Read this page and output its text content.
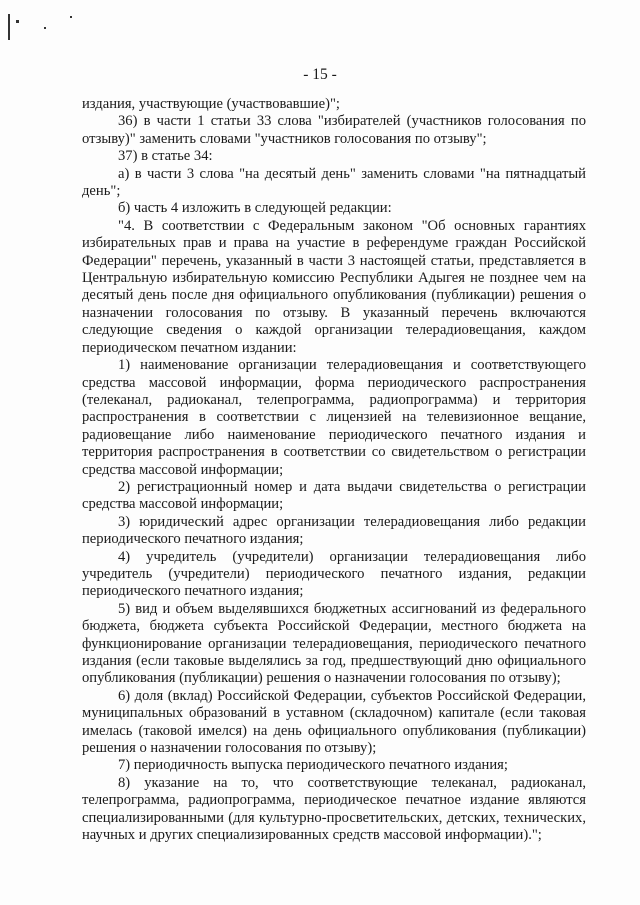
- 15 -

издания, участвующие (участвовавшие)";

36) в части 1 статьи 33 слова "избирателей (участников голосования по отзыву)" заменить словами "участников голосования по отзыву";

37) в статье 34:

а) в части 3 слова "на десятый день" заменить словами "на пятнадцатый день";

б) часть 4 изложить в следующей редакции:

"4. В соответствии с Федеральным законом "Об основных гарантиях избирательных прав и права на участие в референдуме граждан Российской Федерации" перечень, указанный в части 3 настоящей статьи, представляется в Центральную избирательную комиссию Республики Адыгея не позднее чем на десятый день после дня официального опубликования (публикации) решения о назначении голосования по отзыву. В указанный перечень включаются следующие сведения о каждой организации телерадиовещания, каждом периодическом печатном издании:

1) наименование организации телерадиовещания и соответствующего средства массовой информации, форма периодического распространения (телеканал, радиоканал, телепрограмма, радиопрограмма) и территория распространения в соответствии с лицензией на телевизионное вещание, радиовещание либо наименование периодического печатного издания и территория распространения в соответствии со свидетельством о регистрации средства массовой информации;

2) регистрационный номер и дата выдачи свидетельства о регистрации средства массовой информации;

3) юридический адрес организации телерадиовещания либо редакции периодического печатного издания;

4) учредитель (учредители) организации телерадиовещания либо учредитель (учредители) периодического печатного издания, редакции периодического печатного издания;

5) вид и объем выделявшихся бюджетных ассигнований из федерального бюджета, бюджета субъекта Российской Федерации, местного бюджета на функционирование организации телерадиовещания, периодического печатного издания (если таковые выделялись за год, предшествующий дню официального опубликования (публикации) решения о назначении голосования по отзыву);

6) доля (вклад) Российской Федерации, субъектов Российской Федерации, муниципальных образований в уставном (складочном) капитале (если таковая имелась (таковой имелся) на день официального опубликования (публикации) решения о назначении голосования по отзыву);

7) периодичность выпуска периодического печатного издания;

8) указание на то, что соответствующие телеканал, радиоканал, телепрограмма, радиопрограмма, периодическое печатное издание являются специализированными (для культурно-просветительских, детских, технических, научных и других специализированных средств массовой информации).";
